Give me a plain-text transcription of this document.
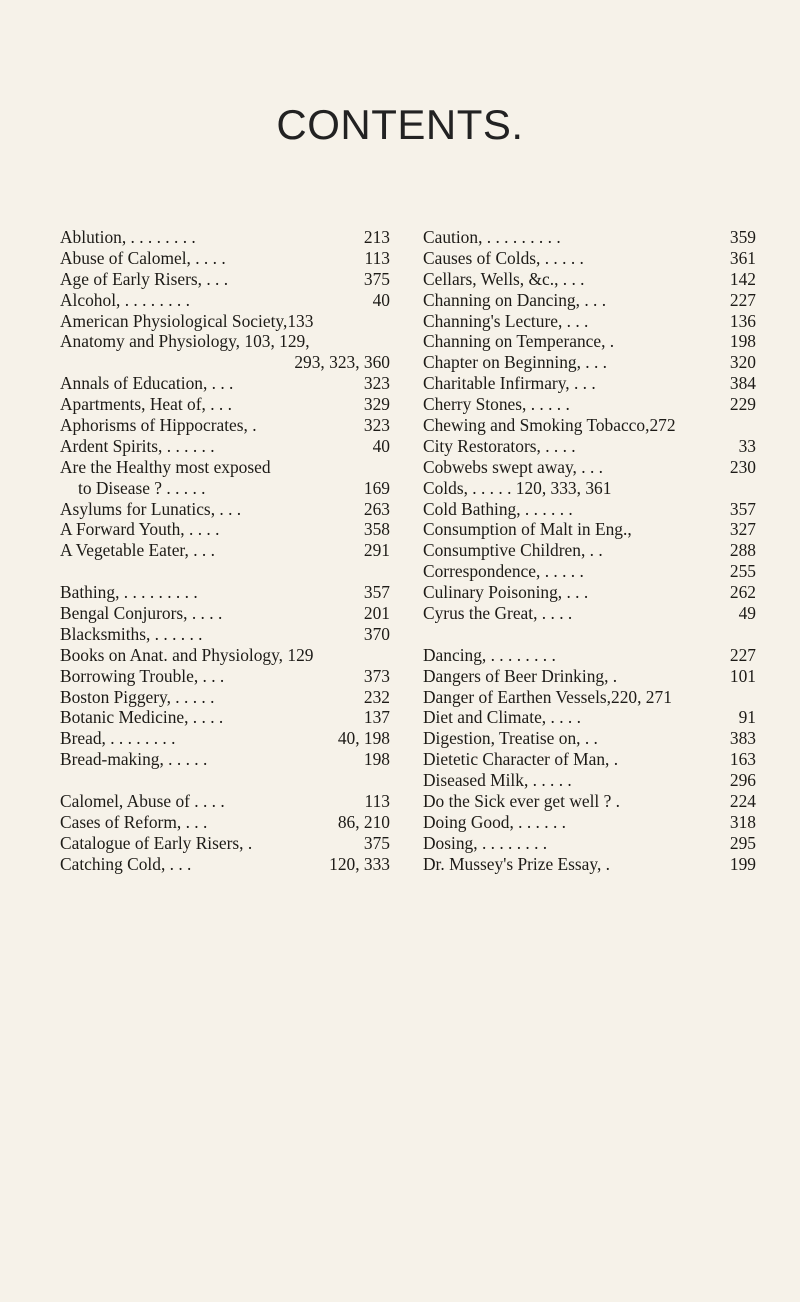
CONTENTS.
Ablution, . . . . . . . .	213
Abuse of Calomel, . . . .	113
Age of Early Risers, . . .	375
Alcohol, . . . . . . . .	40
American Physiological Society,133
Anatomy and Physiology, 103, 129,
293, 323, 360
Annals of Education, . . .	323
Apartments, Heat of, . . .	329
Aphorisms of Hippocrates, .	323
Ardent Spirits, . . . . . .	40
Are the Healthy most exposed
to Disease ? . . . . .	169
Asylums for Lunatics, . . .	263
A Forward Youth, . . . .	358
A Vegetable Eater, . . .	291
Bathing, . . . . . . . . .	357
Bengal Conjurors, . . . .	201
Blacksmiths, . . . . . .	370
Books on Anat. and Physiology, 129
Borrowing Trouble, . . .	373
Boston Piggery, . . . . .	232
Botanic Medicine, . . . .	137
Bread, . . . . . . . .	40, 198
Bread-making, . . . . .	198
Calomel, Abuse of . . . .	113
Cases of Reform, . . .	86, 210
Catalogue of Early Risers, .	375
Catching Cold, . . .	120, 333
Caution, . . . . . . . . .	359
Causes of Colds, . . . . .	361
Cellars, Wells, &c., . . .	142
Channing on Dancing, . . .	227
Channing's Lecture, . . .	136
Channing on Temperance, .	198
Chapter on Beginning, . . .	320
Charitable Infirmary, . . .	384
Cherry Stones, . . . . .	229
Chewing and Smoking Tobacco,272
City Restorators, . . . .	33
Cobwebs swept away, . . .	230
Colds, . . . . . 120, 333, 361
Cold Bathing, . . . . . .	357
Consumption of Malt in Eng.,	327
Consumptive Children, . .	288
Correspondence, . . . . .	255
Culinary Poisoning, . . .	262
Cyrus the Great, . . . .	49
Dancing, . . . . . . . .	227
Dangers of Beer Drinking, .	101
Danger of Earthen Vessels,220, 271
Diet and Climate, . . . .	91
Digestion, Treatise on, . .	383
Dietetic Character of Man, .	163
Diseased Milk, . . . . .	296
Do the Sick ever get well ? .	224
Doing Good, . . . . . .	318
Dosing, . . . . . . . .	295
Dr. Mussey's Prize Essay, .	199
